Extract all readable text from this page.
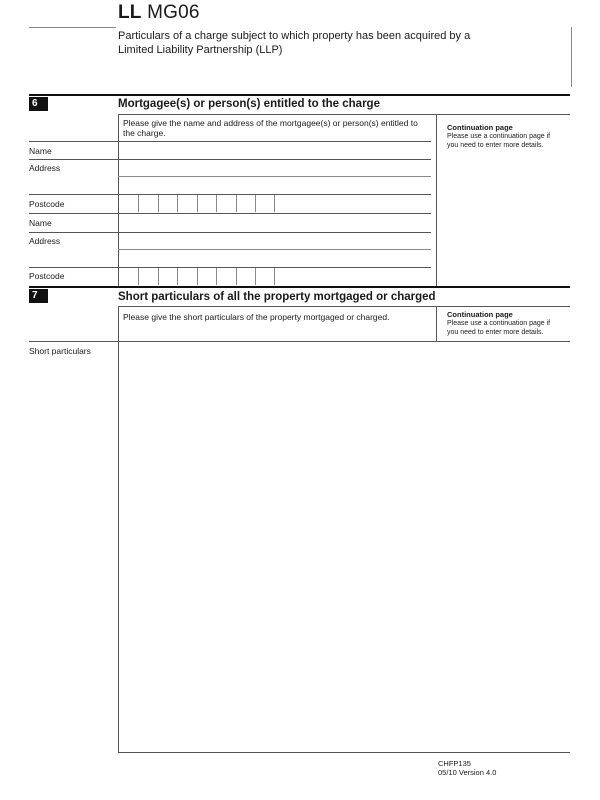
LL MG06
Particulars of a charge subject to which property has been acquired by a
Limited Liability Partnership (LLP)
6	Mortgagee(s) or person(s) entitled to the charge
Please give the name and address of the mortgagee(s) or person(s) entitled to
the charge.
Continuation page
Please use a continuation page if
you need to enter more details.
Name
Address
Postcode
Name
Address
Postcode
7	Short particulars of all the property mortgaged or charged
Please give the short particulars of the property mortgaged or charged.	Continuation page
Please use a continuation page if
you need to enter more details.
Short particulars
CHFP135
05/10 Version 4.0
